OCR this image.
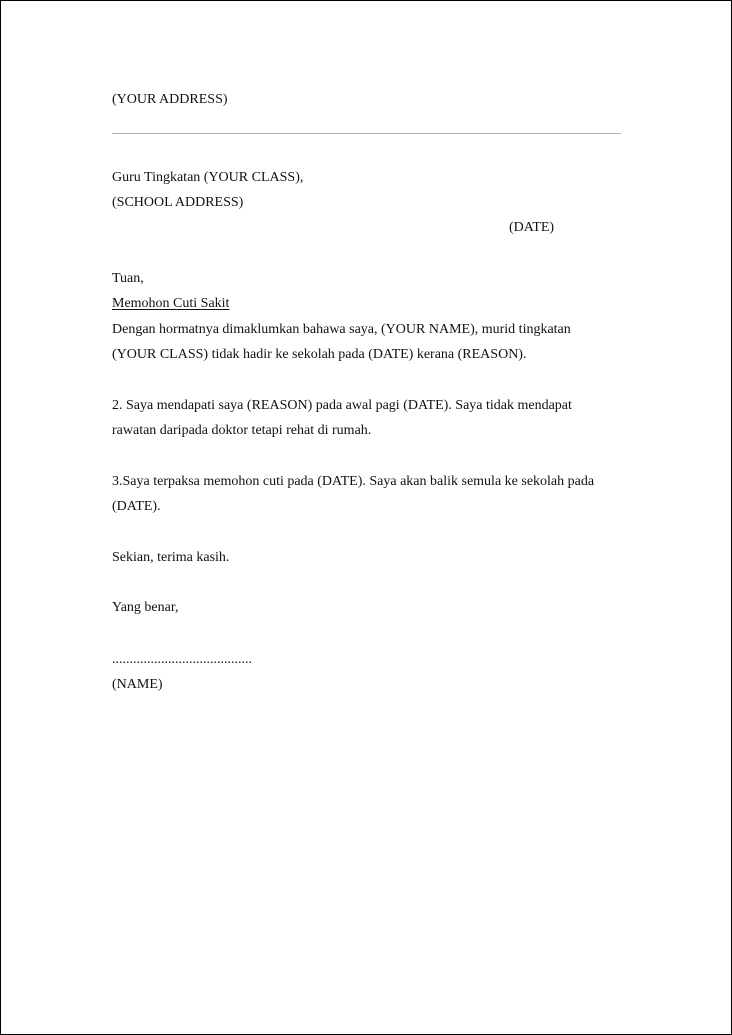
(YOUR ADDRESS)
Guru Tingkatan (YOUR CLASS),
(SCHOOL ADDRESS)
(DATE)
Tuan,
Memohon Cuti Sakit
Dengan hormatnya dimaklumkan bahawa saya, (YOUR NAME), murid tingkatan
(YOUR CLASS) tidak hadir ke sekolah pada (DATE) kerana (REASON).
2. Saya mendapati saya (REASON) pada awal pagi (DATE). Saya tidak mendapat
rawatan daripada doktor tetapi rehat di rumah.
3.Saya terpaksa memohon cuti pada (DATE). Saya akan balik semula ke sekolah pada
(DATE).
Sekian, terima kasih.
Yang benar,
........................................
(NAME)
